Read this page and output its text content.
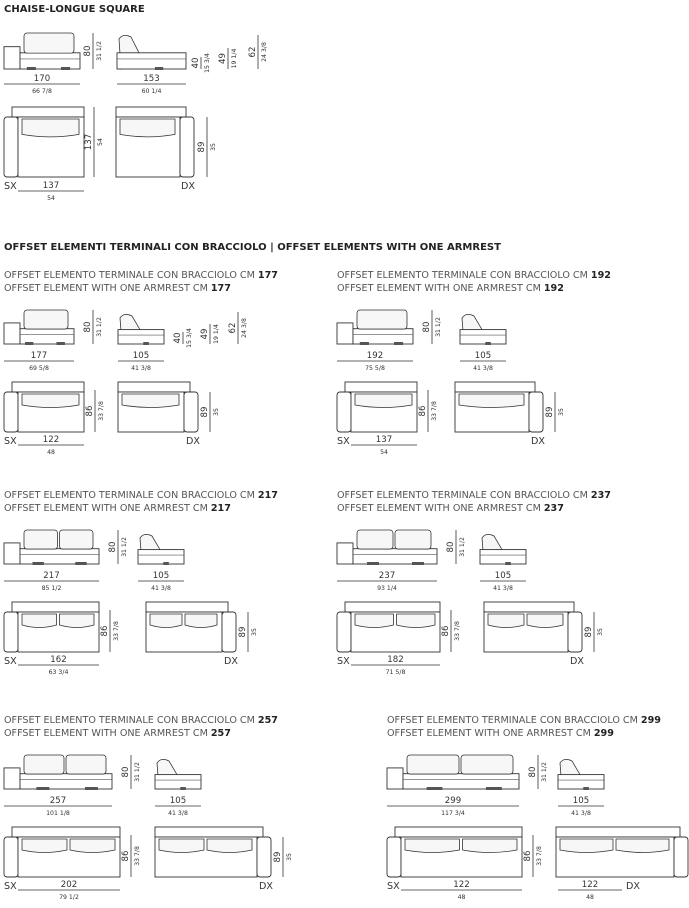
CHAISE-LONGUE SQUARE
OFFSET ELEMENTI TERMINALI CON BRACCIOLO | OFFSET ELEMENTS WITH ONE ARMREST
80 31 1/2
170
66 7/8
153
60 1/4
40 15 3/4 49 19 1/4 62 24 3/8
137 54	89 35
137
54
SX	DX
OFFSET ELEMENTO TERMINALE CON BRACCIOLO CM 177
OFFSET ELEMENT WITH ONE ARMREST CM 177
80 31 1/2
177
69 5/8
105
41 3/8
40 15 3/4 49 19 1/4 62 24 3/8
86 33 7/8	89 35
122
48
SX	DX
OFFSET ELEMENTO TERMINALE CON BRACCIOLO CM 192
OFFSET ELEMENT WITH ONE ARMREST CM 192
80 31 1/2
192
75 5/8
105
41 3/8
86 33 7/8	89 35
137
54
SX	DX
OFFSET ELEMENTO TERMINALE CON BRACCIOLO CM 217
OFFSET ELEMENT WITH ONE ARMREST CM 217
80 31 1/2
217
85 1/2
105
41 3/8
86 33 7/8	89 35
162
63 3/4
SX	DX
OFFSET ELEMENTO TERMINALE CON BRACCIOLO CM 237
OFFSET ELEMENT WITH ONE ARMREST CM 237
80 31 1/2
237
93 1/4
105
41 3/8
86 33 7/8	89 35
182
71 5/8
SX	DX
OFFSET ELEMENTO TERMINALE CON BRACCIOLO CM 257
OFFSET ELEMENT WITH ONE ARMREST CM 257
80 31 1/2
257
101 1/8
105
41 3/8
86 33 7/8	89 35
202
79 1/2
SX	DX
OFFSET ELEMENTO TERMINALE CON BRACCIOLO CM 299
OFFSET ELEMENT WITH ONE ARMREST CM 299
80 31 1/2
299
117 3/4
105
41 3/8
86 33 7/8
122
48
122
48
SX	DX
